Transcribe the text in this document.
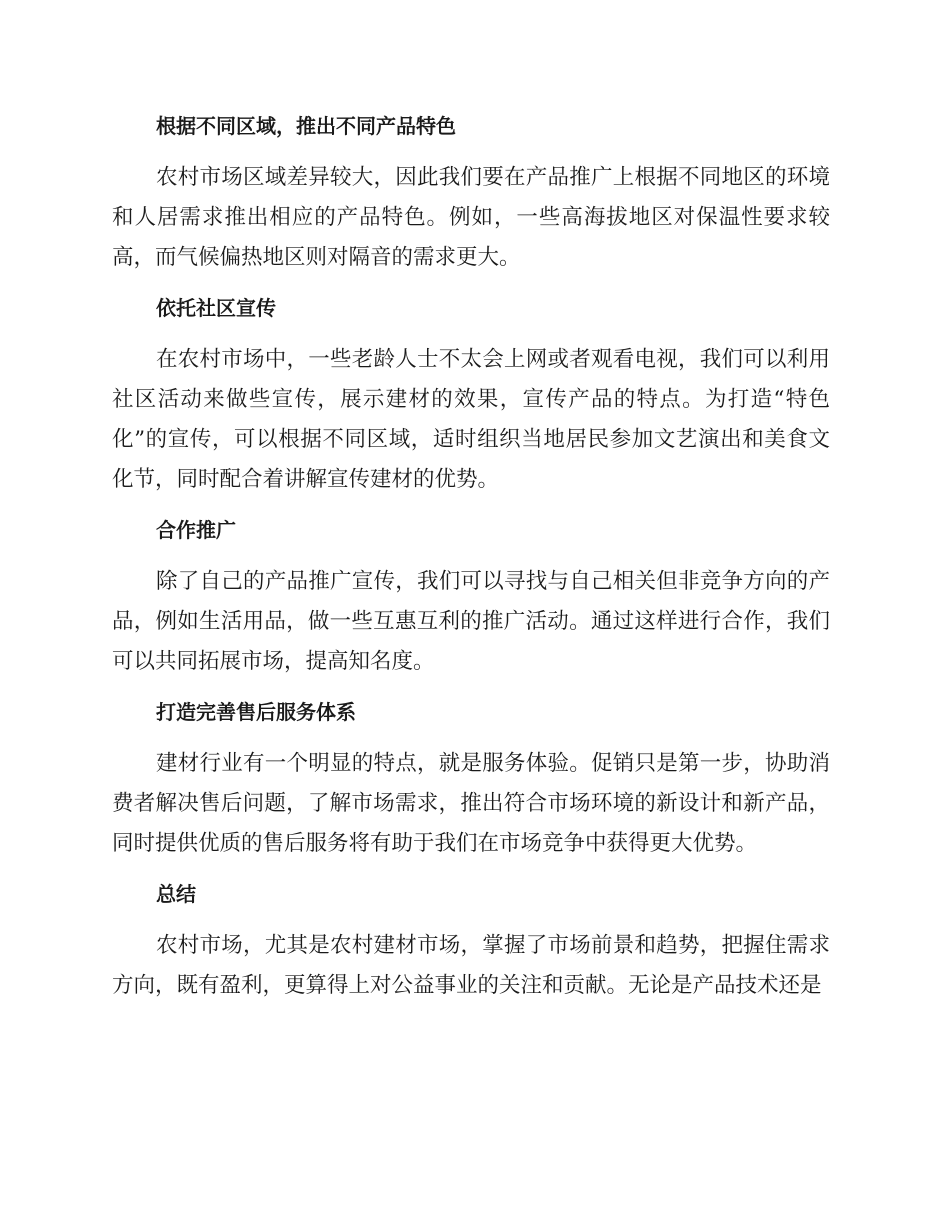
根据不同区域，推出不同产品特色

农村市场区域差异较大，因此我们要在产品推广上根据不同地区的环境和人居需求推出相应的产品特色。例如，一些高海拔地区对保温性要求较高，而气候偏热地区则对隔音的需求更大。

依托社区宣传

在农村市场中，一些老龄人士不太会上网或者观看电视，我们可以利用社区活动来做些宣传，展示建材的效果，宣传产品的特点。为打造“特色化”的宣传，可以根据不同区域，适时组织当地居民参加文艺演出和美食文化节，同时配合着讲解宣传建材的优势。

合作推广

除了自己的产品推广宣传，我们可以寻找与自己相关但非竞争方向的产品，例如生活用品，做一些互惠互利的推广活动。通过这样进行合作，我们可以共同拓展市场，提高知名度。

打造完善售后服务体系

建材行业有一个明显的特点，就是服务体验。促销只是第一步，协助消费者解决售后问题，了解市场需求，推出符合市场环境的新设计和新产品，同时提供优质的售后服务将有助于我们在市场竞争中获得更大优势。

总结

农村市场，尤其是农村建材市场，掌握了市场前景和趋势，把握住需求方向，既有盈利，更算得上对公益事业的关注和贡献。无论是产品技术还是
